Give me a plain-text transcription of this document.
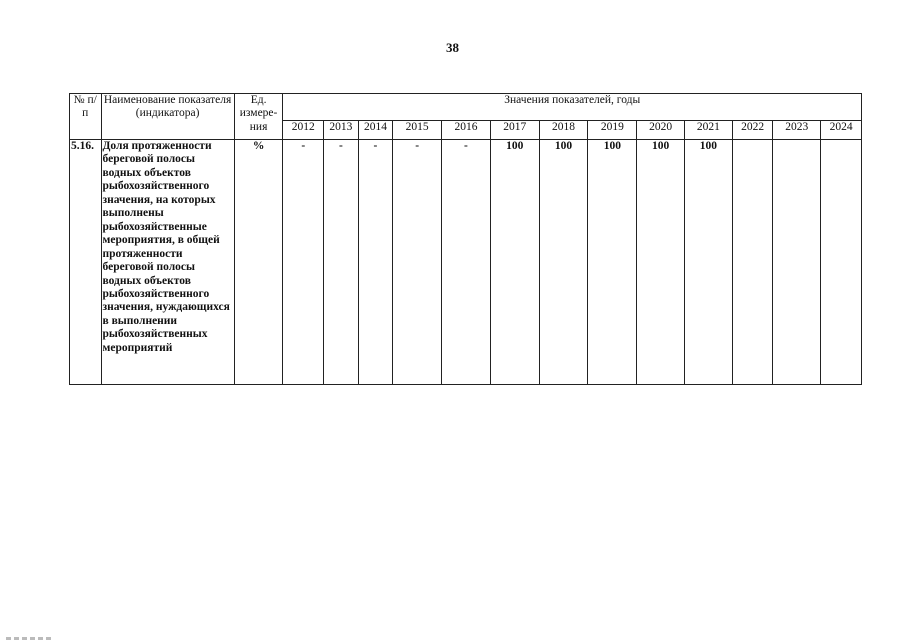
38
№ п/п	Наименование показателя (индикатора)	Ед. измере-ния	Значения показателей, годы												
			2012	2013	2014	2015	2016	2017	2018	2019	2020	2021	2022	2023	2024
5.16.	Доля протяженности береговой полосы водных объектов рыбохозяйственного значения, на которых выполнены рыбохозяйственные мероприятия, в общей протяженности береговой полосы водных объектов рыбохозяйственного значения, нуждающихся в выполнении рыбохозяйственных мероприятий	%	-	-	-	-	-	100	100	100	100	100			
